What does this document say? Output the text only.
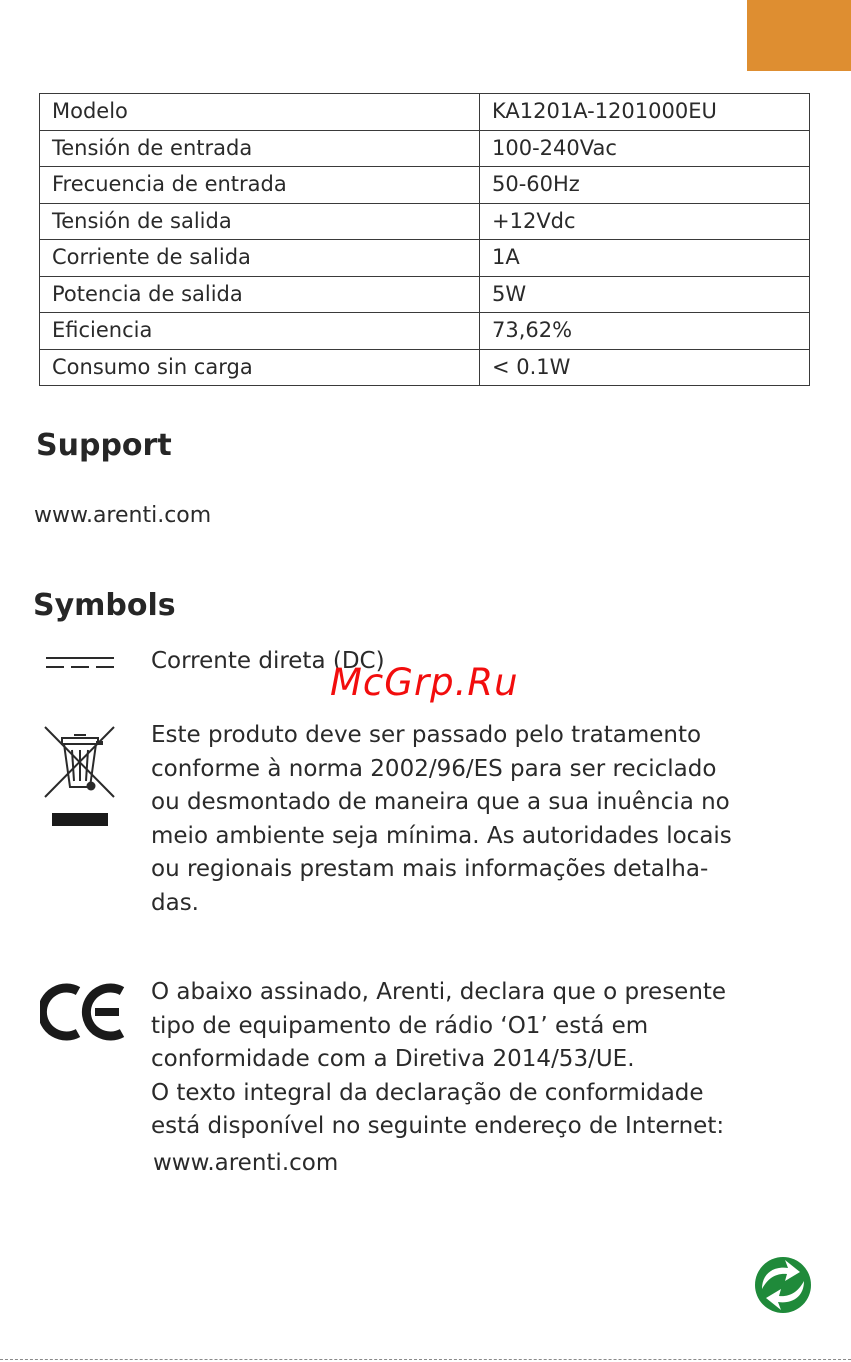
Modelo	KA1201A-1201000EU
Tensión de entrada	100-240Vac
Frecuencia de entrada	50-60Hz
Tensión de salida	+12Vdc
Corriente de salida	1A
Potencia de salida	5W
Eficiencia	73,62%
Consumo sin carga	< 0.1W
Support
www.arenti.com
Symbols
Corrente direta (DC)
Este produto deve ser passado pelo tratamento
conforme à norma 2002/96/ES para ser reciclado
ou desmontado de maneira que a sua inuência no
meio ambiente seja mínima. As autoridades locais
ou regionais prestam mais informações detalha-
das.
O abaixo assinado, Arenti, declara que o presente
tipo de equipamento de rádio ‘O1’ está em
conformidade com a Diretiva 2014/53/UE.
O texto integral da declaração de conformidade
está disponível no seguinte endereço de Internet:
www.arenti.com
McGrp.Ru
